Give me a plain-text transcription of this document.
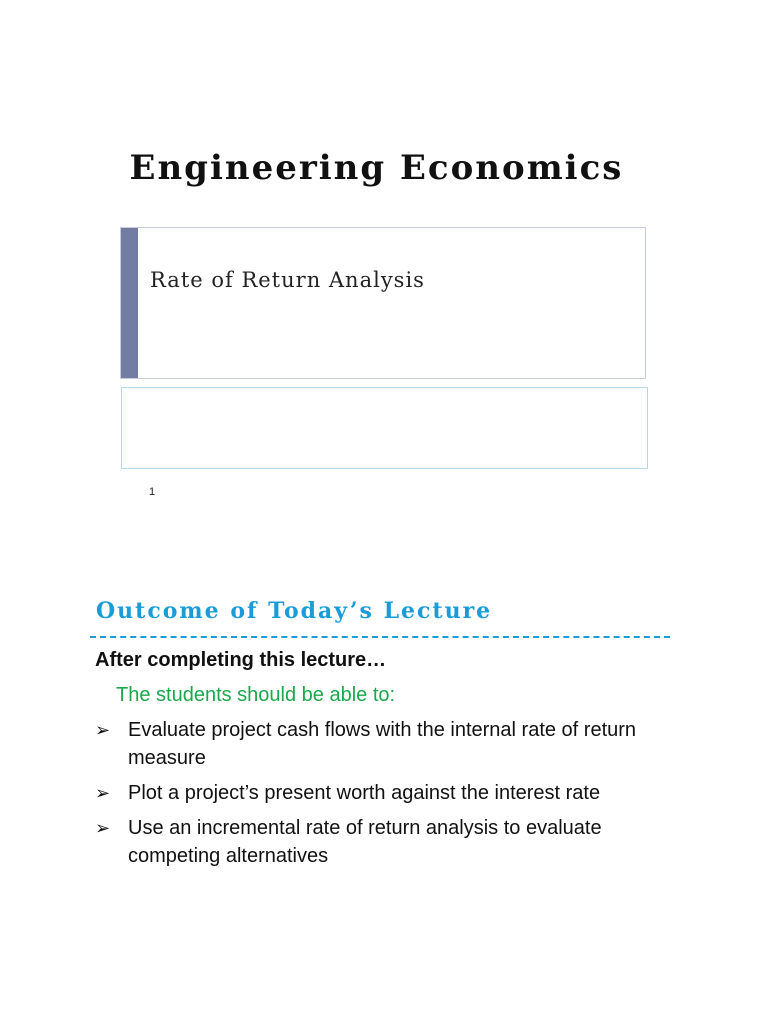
Engineering Economics
Rate of Return Analysis
1
Outcome of Today’s Lecture
After completing this lecture…
The students should be able to:
➢ Evaluate project cash flows with the internal rate of return measure
➢ Plot a project’s present worth against the interest rate
➢ Use an incremental rate of return analysis to evaluate competing alternatives
